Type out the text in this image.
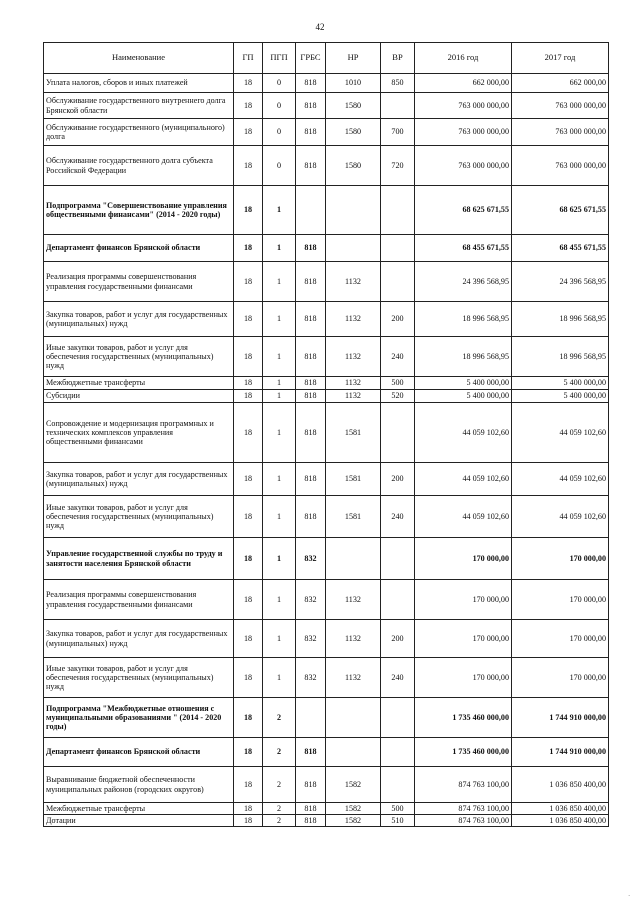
42
Наименование	ГП	ПГП	ГРБС	НР	ВР	2016 год	2017 год
Уплата налогов, сборов и иных платежей	18	0	818	1010	850	662 000,00	662 000,00
Обслуживание государственного внутреннего долга Брянской области	18	0	818	1580		763 000 000,00	763 000 000,00
Обслуживание государственного (муниципального) долга	18	0	818	1580	700	763 000 000,00	763 000 000,00
Обслуживание государственного долга субъекта Российской Федерации	18	0	818	1580	720	763 000 000,00	763 000 000,00
Подпрограмма "Совершенствование управления общественными финансами" (2014 - 2020 годы)	18	1				68 625 671,55	68 625 671,55
Департамент финансов Брянской области	18	1	818			68 455 671,55	68 455 671,55
Реализация программы совершенствования управления государственными финансами	18	1	818	1132		24 396 568,95	24 396 568,95
Закупка товаров, работ и услуг для государственных (муниципальных) нужд	18	1	818	1132	200	18 996 568,95	18 996 568,95
Иные закупки товаров, работ и услуг для обеспечения государственных (муниципальных) нужд	18	1	818	1132	240	18 996 568,95	18 996 568,95
Межбюджетные трансферты	18	1	818	1132	500	5 400 000,00	5 400 000,00
Субсидии	18	1	818	1132	520	5 400 000,00	5 400 000,00
Сопровождение и модернизация программных и технических комплексов управления общественными финансами	18	1	818	1581		44 059 102,60	44 059 102,60
Закупка товаров, работ и услуг для государственных (муниципальных) нужд	18	1	818	1581	200	44 059 102,60	44 059 102,60
Иные закупки товаров, работ и услуг для обеспечения государственных (муниципальных) нужд	18	1	818	1581	240	44 059 102,60	44 059 102,60
Управление государственной службы по труду и занятости населения Брянской области	18	1	832			170 000,00	170 000,00
Реализация программы совершенствования управления государственными финансами	18	1	832	1132		170 000,00	170 000,00
Закупка товаров, работ и услуг для государственных (муниципальных) нужд	18	1	832	1132	200	170 000,00	170 000,00
Иные закупки товаров, работ и услуг для обеспечения государственных (муниципальных) нужд	18	1	832	1132	240	170 000,00	170 000,00
Подпрограмма "Межбюджетные отношения с муниципальными образованиями " (2014 - 2020 годы)	18	2				1 735 460 000,00	1 744 910 000,00
Департамент финансов Брянской области	18	2	818			1 735 460 000,00	1 744 910 000,00
Выравнивание бюджетной обеспеченности муниципальных районов (городских округов)	18	2	818	1582		874 763 100,00	1 036 850 400,00
Межбюджетные трансферты	18	2	818	1582	500	874 763 100,00	1 036 850 400,00
Дотации	18	2	818	1582	510	874 763 100,00	1 036 850 400,00
.
